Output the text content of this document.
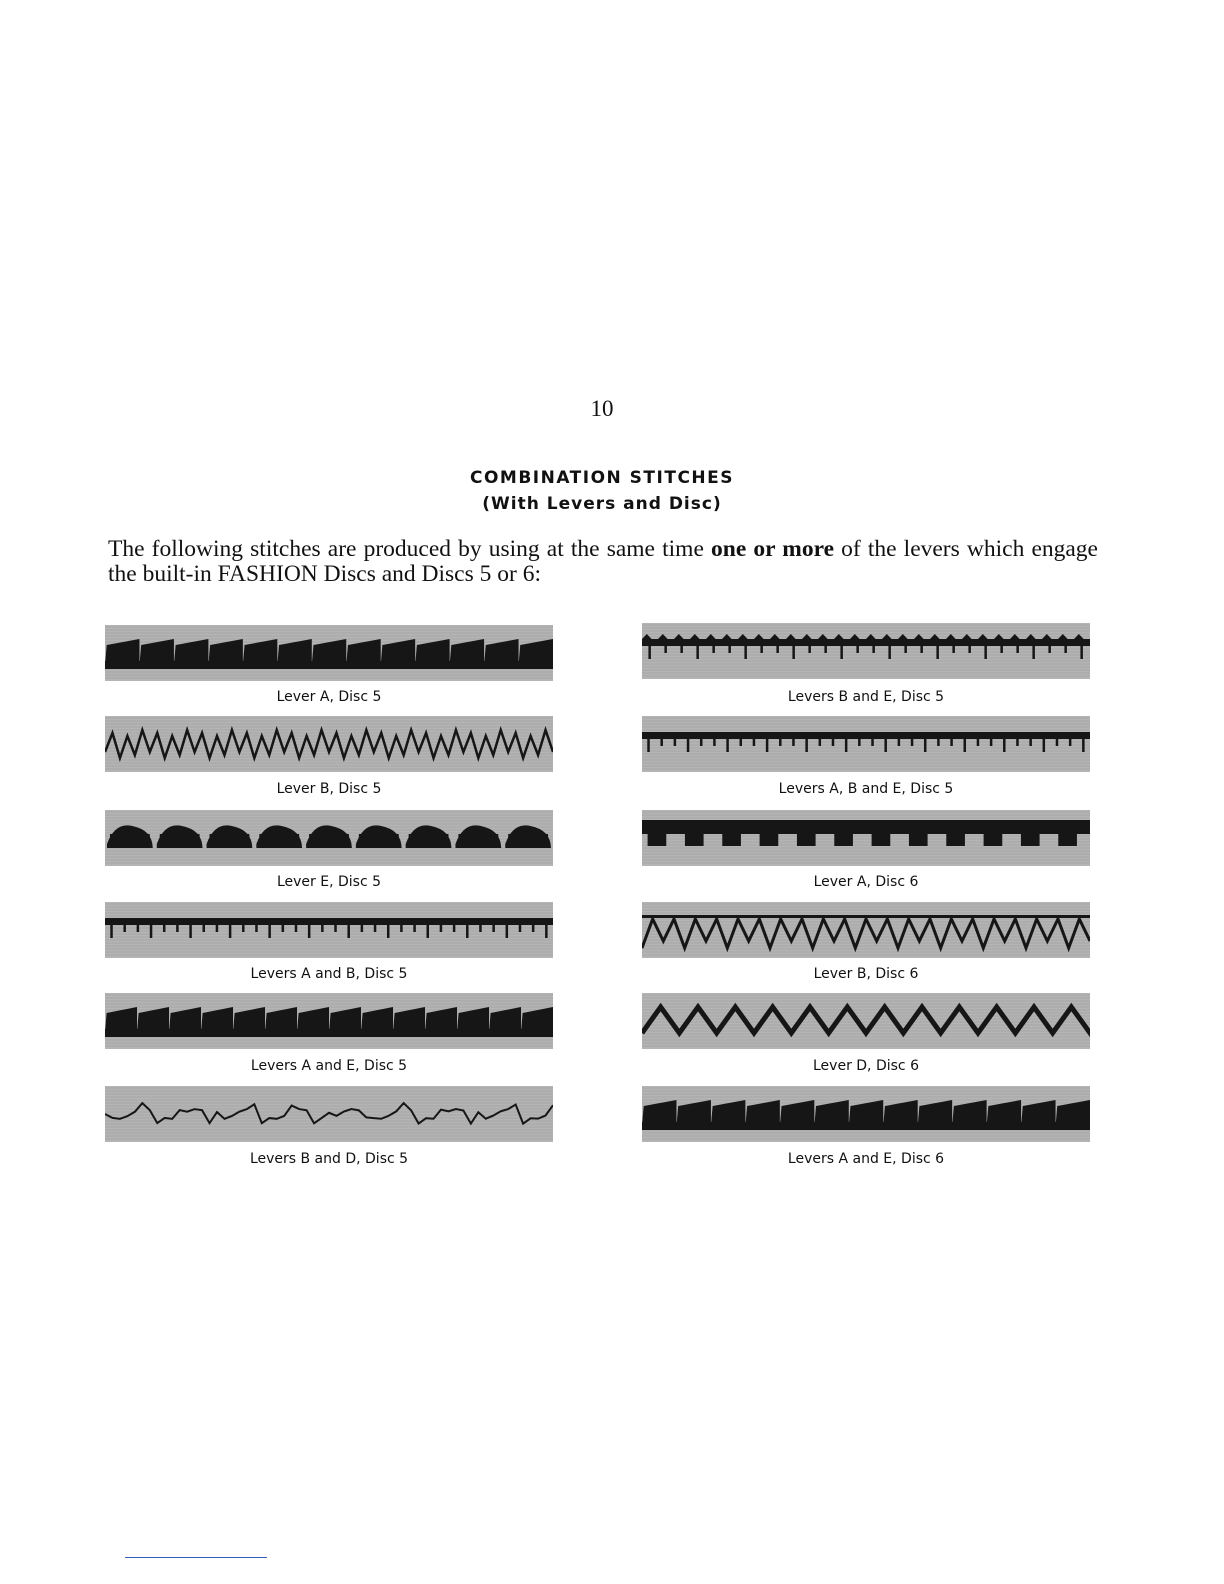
10
COMBINATION STITCHES
(With Levers and Disc)
The following stitches are produced by using at the same time one or more of the levers which engage the built-in FASHION Discs and Discs 5 or 6:
Lever A, Disc 5
Lever B, Disc 5
Lever E, Disc 5
Levers A and B, Disc 5
Levers A and E, Disc 5
Levers B and D, Disc 5
Levers B and E, Disc 5
Levers A, B and E, Disc 5
Lever A, Disc 6
Lever B, Disc 6
Lever D, Disc 6
Levers A and E, Disc 6
